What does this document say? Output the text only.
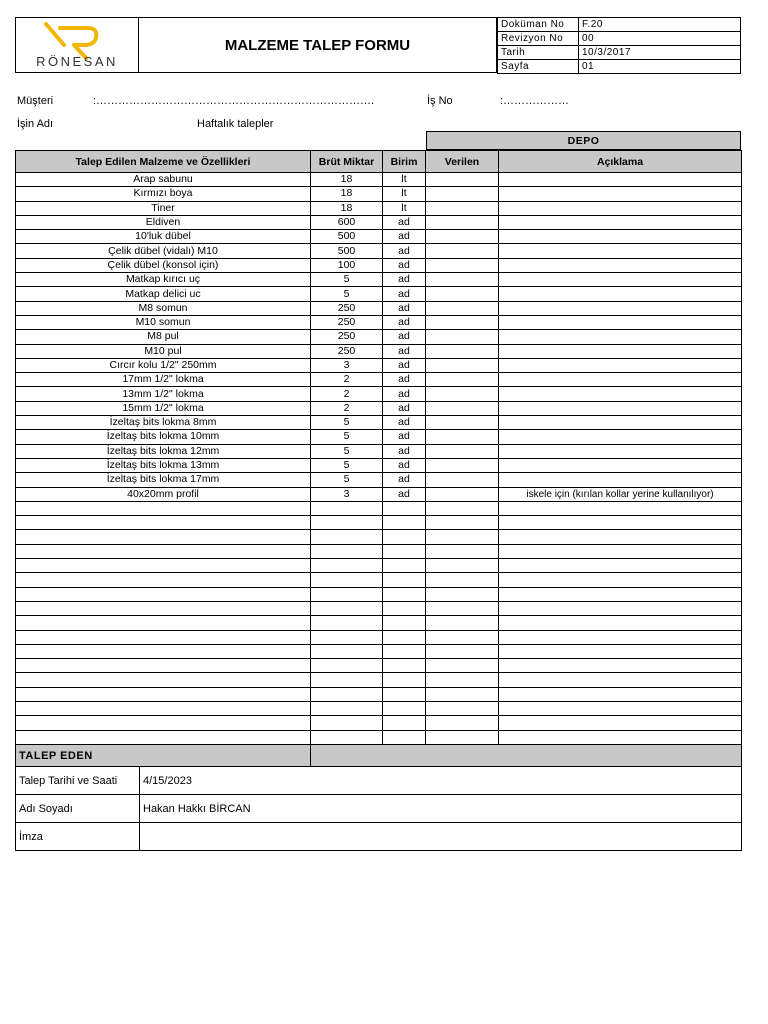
RÖNESAN
MALZEME TALEP FORMU
Doküman No	F.20
Revizyon No	00
Tarih	10/3/2017
Sayfa	01
Müşteri	:………………………………………………………………….	İş No	:………………
İşin Adı	Haftalık talepler
DEPO
Talep Edilen Malzeme ve Özellikleri	Brüt Miktar	Birim	Verilen	Açıklama
Arap sabunu	18	lt		
Kırmızı boya	18	lt		
Tiner	18	lt		
Eldiven	600	ad		
10'luk dübel	500	ad		
Çelik dübel (vidalı) M10	500	ad		
Çelik dübel (konsol için)	100	ad		
Matkap kırıcı uç	5	ad		
Matkap delici uc	5	ad		
M8 somun	250	ad		
M10 somun	250	ad		
M8 pul	250	ad		
M10 pul	250	ad		
Cırcır kolu 1/2" 250mm	3	ad		
17mm 1/2" lokma	2	ad		
13mm 1/2" lokma	2	ad		
15mm 1/2" lokma	2	ad		
İzeltaş bits lokma 8mm	5	ad		
İzeltaş bits lokma 10mm	5	ad		
İzeltaş bits lokma 12mm	5	ad		
İzeltaş bits lokma 13mm	5	ad		
İzeltaş bits lokma 17mm	5	ad		
40x20mm profil	3	ad		iskele için (kırılan kollar yerine kullanılıyor)

TALEP EDEN		
Talep Tarihi ve Saati	4/15/2023	
Adı Soyadı	Hakan Hakkı BİRCAN	
İmza		
